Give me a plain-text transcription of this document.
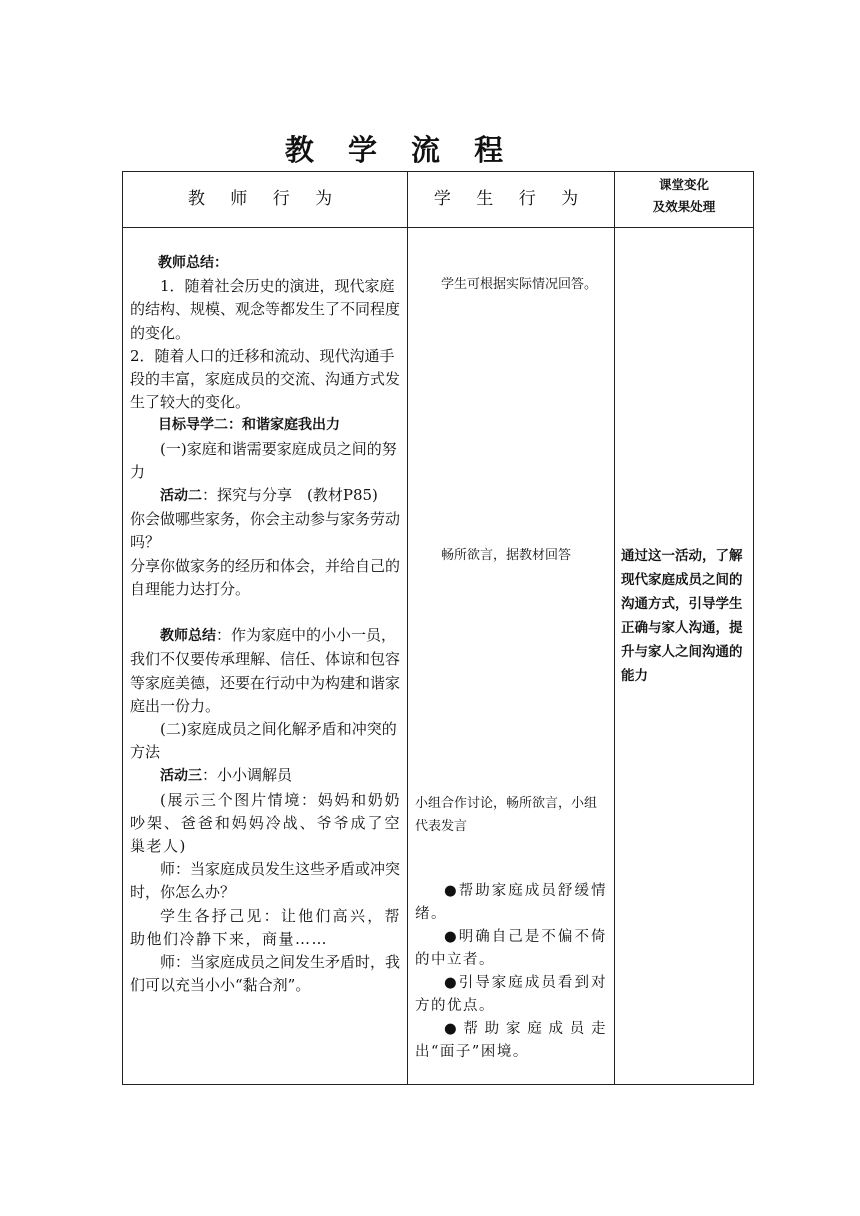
教 学 流 程
教 师 行 为	学 生 行 为
课堂变化
及效果处理

教师总结：

1．随着社会历史的演进，现代家庭的结构、规模、观念等都发生了不同程度的变化。

2．随着人口的迁移和流动、现代沟通手段的丰富，家庭成员的交流、沟通方式发生了较大的变化。

目标导学二：和谐家庭我出力

(一)家庭和谐需要家庭成员之间的努力

活动二：探究与分享　(教材P85)

你会做哪些家务，你会主动参与家务劳动吗？

分享你做家务的经历和体会，并给自己的自理能力达打分。

教师总结：作为家庭中的小小一员，我们不仅要传承理解、信任、体谅和包容等家庭美德，还要在行动中为构建和谐家庭出一份力。

(二)家庭成员之间化解矛盾和冲突的方法

活动三：小小调解员

(展示三个图片情境：妈妈和奶奶吵架、爸爸和妈妈冷战、爷爷成了空巢老人)

师：当家庭成员发生这些矛盾或冲突时，你怎么办？

学生各抒己见：让他们高兴，帮助他们冷静下来，商量……

师：当家庭成员之间发生矛盾时，我们可以充当小小“黏合剂”。

学生可根据实际情况回答。
畅所欲言，据教材回答
小组合作讨论，畅所欲言，小组代表发言

●帮助家庭成员舒缓情绪。

●明确自己是不偏不倚的中立者。

●引导家庭成员看到对方的优点。

●帮助家庭成员走出“面子”困境。

通过这一活动，了解现代家庭成员之间的沟通方式，引导学生正确与家人沟通，提升与家人之间沟通的能力
